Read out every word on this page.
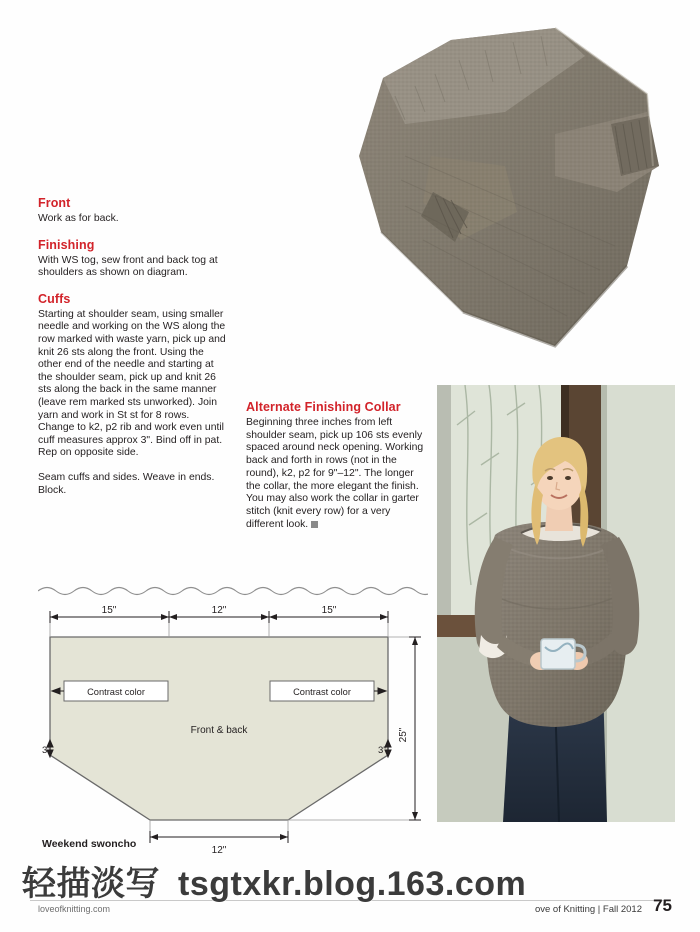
Front

Work as for back.

Finishing

With WS tog, sew front and back tog at shoulders as shown on diagram.

Cuffs

Starting at shoulder seam, using smaller needle and working on the WS along the row marked with waste yarn, pick up and knit 26 sts along the front. Using the other end of the needle and starting at the shoulder seam, pick up and knit 26 sts along the back in the same manner (leave rem marked sts unworked). Join yarn and work in St st for 8 rows. Change to k2, p2 rib and work even until cuff measures approx 3". Bind off in pat. Rep on opposite side.

Seam cuffs and sides. Weave in ends. Block.

Alternate Finishing Collar

Beginning three inches from left shoulder seam, pick up 106 sts evenly spaced around neck opening. Working back and forth in rows (not in the round), k2, p2 for 9"–12". The longer the collar, the more elegant the finish. You may also work the collar in garter stitch (knit every row) for a very different look.

15"	12"	15"
Contrast color	Contrast color
Front & back
3"	3"
25"
12"
Weekend swoncho
loveofknitting.com	ove of Knitting | Fall 2012 75
轻描淡写 tsgtxkr.blog.163.com
